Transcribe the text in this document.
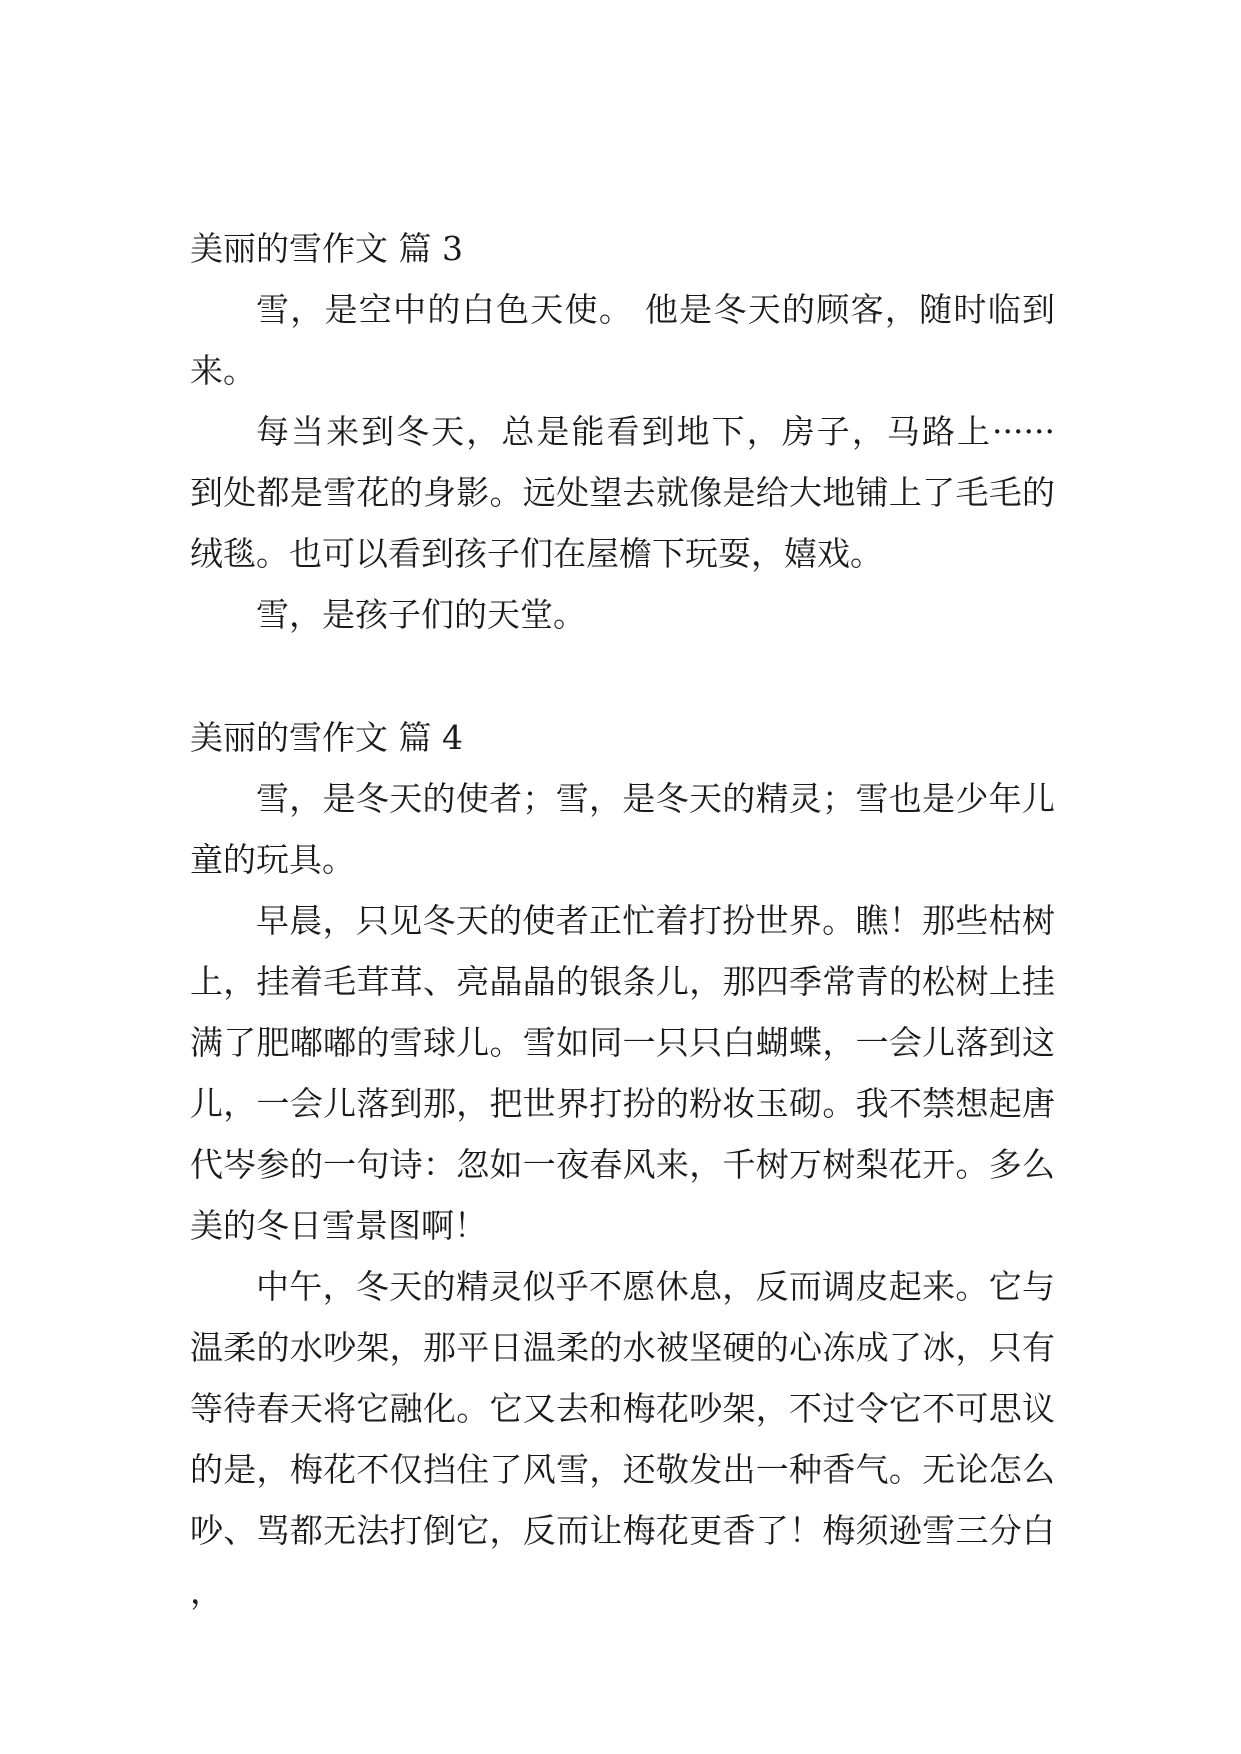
美丽的雪作文 篇 3

雪，是空中的白色天使。 他是冬天的顾客，随时临到来。

每当来到冬天，总是能看到地下，房子，马路上······ 到处都是雪花的身影。远处望去就像是给大地铺上了毛毛的绒毯。也可以看到孩子们在屋檐下玩耍，嬉戏。

雪，是孩子们的天堂。

美丽的雪作文 篇 4

雪，是冬天的使者；雪，是冬天的精灵；雪也是少年儿童的玩具。

早晨，只见冬天的使者正忙着打扮世界。瞧！那些枯树上，挂着毛茸茸、亮晶晶的银条儿，那四季常青的松树上挂满了肥嘟嘟的雪球儿。雪如同一只只白蝴蝶，一会儿落到这儿，一会儿落到那，把世界打扮的粉妆玉砌。我不禁想起唐代岑参的一句诗：忽如一夜春风来，千树万树梨花开。多么美的冬日雪景图啊！

中午，冬天的精灵似乎不愿休息，反而调皮起来。它与温柔的水吵架，那平日温柔的水被坚硬的心冻成了冰，只有等待春天将它融化。它又去和梅花吵架，不过令它不可思议的是，梅花不仅挡住了风雪，还敬发出一种香气。无论怎么吵、骂都无法打倒它，反而让梅花更香了！梅须逊雪三分白，
